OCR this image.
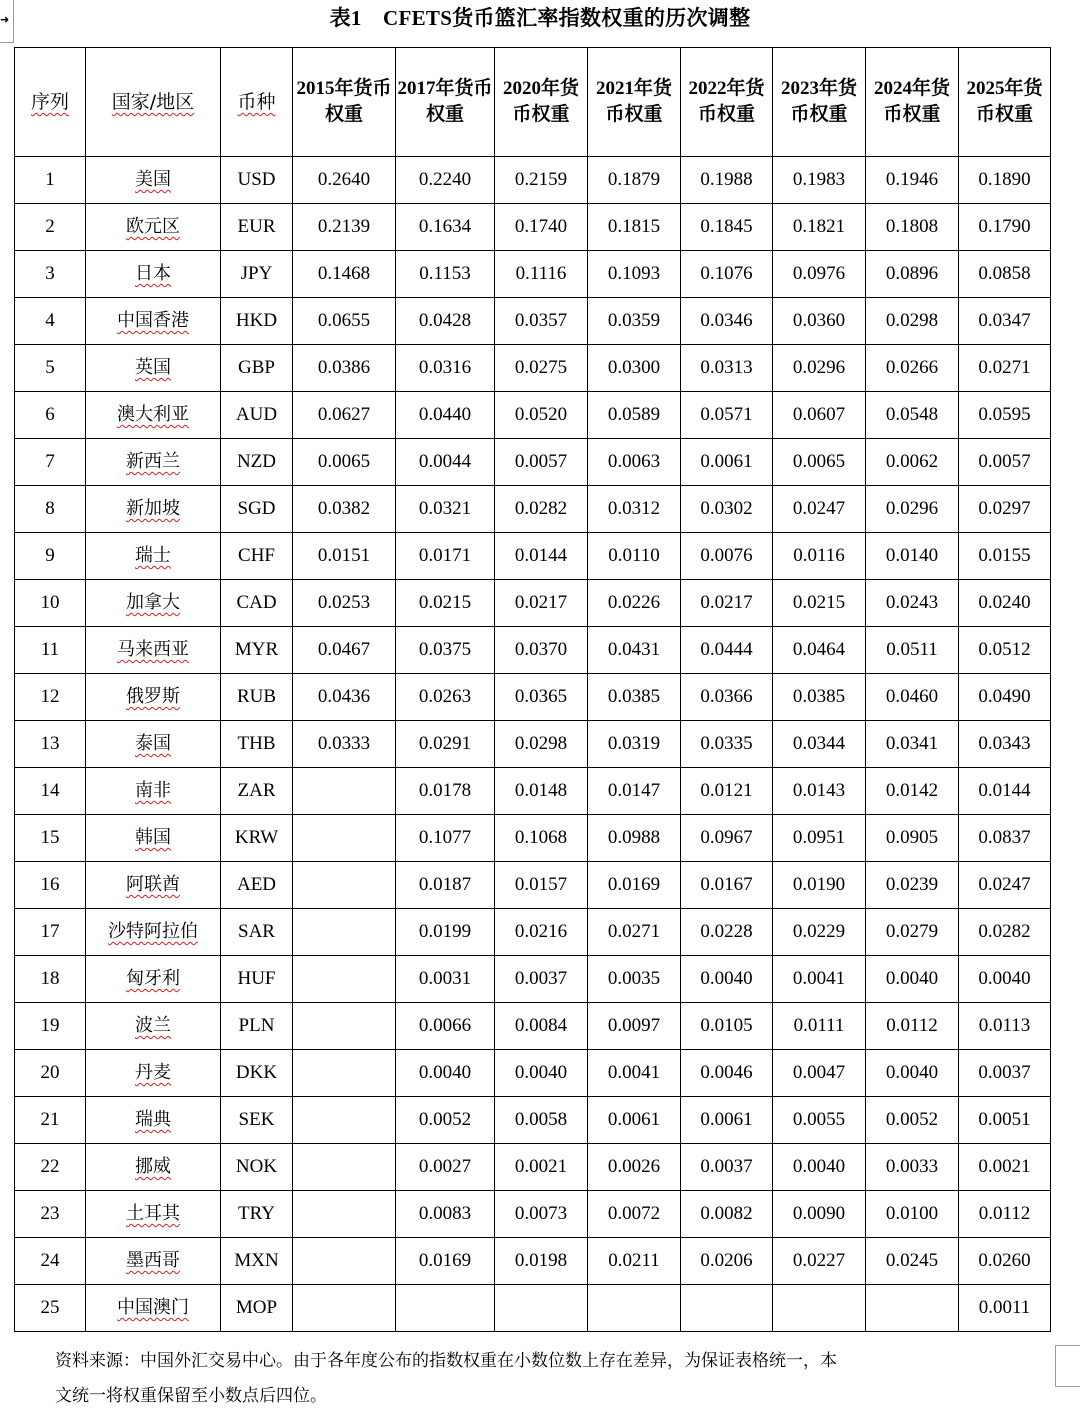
➜	表1　CFETS货币篮汇率指数权重的历次调整
序列	国家/地区	币种	2015年货币权重	2017年货币权重	2020年货币权重	2021年货币权重	2022年货币权重	2023年货币权重	2024年货币权重	2025年货币权重
1	美国	USD	0.2640	0.2240	0.2159	0.1879	0.1988	0.1983	0.1946	0.1890
2	欧元区	EUR	0.2139	0.1634	0.1740	0.1815	0.1845	0.1821	0.1808	0.1790
3	日本	JPY	0.1468	0.1153	0.1116	0.1093	0.1076	0.0976	0.0896	0.0858
4	中国香港	HKD	0.0655	0.0428	0.0357	0.0359	0.0346	0.0360	0.0298	0.0347
5	英国	GBP	0.0386	0.0316	0.0275	0.0300	0.0313	0.0296	0.0266	0.0271
6	澳大利亚	AUD	0.0627	0.0440	0.0520	0.0589	0.0571	0.0607	0.0548	0.0595
7	新西兰	NZD	0.0065	0.0044	0.0057	0.0063	0.0061	0.0065	0.0062	0.0057
8	新加坡	SGD	0.0382	0.0321	0.0282	0.0312	0.0302	0.0247	0.0296	0.0297
9	瑞士	CHF	0.0151	0.0171	0.0144	0.0110	0.0076	0.0116	0.0140	0.0155
10	加拿大	CAD	0.0253	0.0215	0.0217	0.0226	0.0217	0.0215	0.0243	0.0240
11	马来西亚	MYR	0.0467	0.0375	0.0370	0.0431	0.0444	0.0464	0.0511	0.0512
12	俄罗斯	RUB	0.0436	0.0263	0.0365	0.0385	0.0366	0.0385	0.0460	0.0490
13	泰国	THB	0.0333	0.0291	0.0298	0.0319	0.0335	0.0344	0.0341	0.0343
14	南非	ZAR		0.0178	0.0148	0.0147	0.0121	0.0143	0.0142	0.0144
15	韩国	KRW		0.1077	0.1068	0.0988	0.0967	0.0951	0.0905	0.0837
16	阿联酋	AED		0.0187	0.0157	0.0169	0.0167	0.0190	0.0239	0.0247
17	沙特阿拉伯	SAR		0.0199	0.0216	0.0271	0.0228	0.0229	0.0279	0.0282
18	匈牙利	HUF		0.0031	0.0037	0.0035	0.0040	0.0041	0.0040	0.0040
19	波兰	PLN		0.0066	0.0084	0.0097	0.0105	0.0111	0.0112	0.0113
20	丹麦	DKK		0.0040	0.0040	0.0041	0.0046	0.0047	0.0040	0.0037
21	瑞典	SEK		0.0052	0.0058	0.0061	0.0061	0.0055	0.0052	0.0051
22	挪威	NOK		0.0027	0.0021	0.0026	0.0037	0.0040	0.0033	0.0021
23	土耳其	TRY		0.0083	0.0073	0.0072	0.0082	0.0090	0.0100	0.0112
24	墨西哥	MXN		0.0169	0.0198	0.0211	0.0206	0.0227	0.0245	0.0260
25	中国澳门	MOP								0.0011
资料来源：中国外汇交易中心。由于各年度公布的指数权重在小数位数上存在差异，为保证表格统一，本
文统一将权重保留至小数点后四位。
